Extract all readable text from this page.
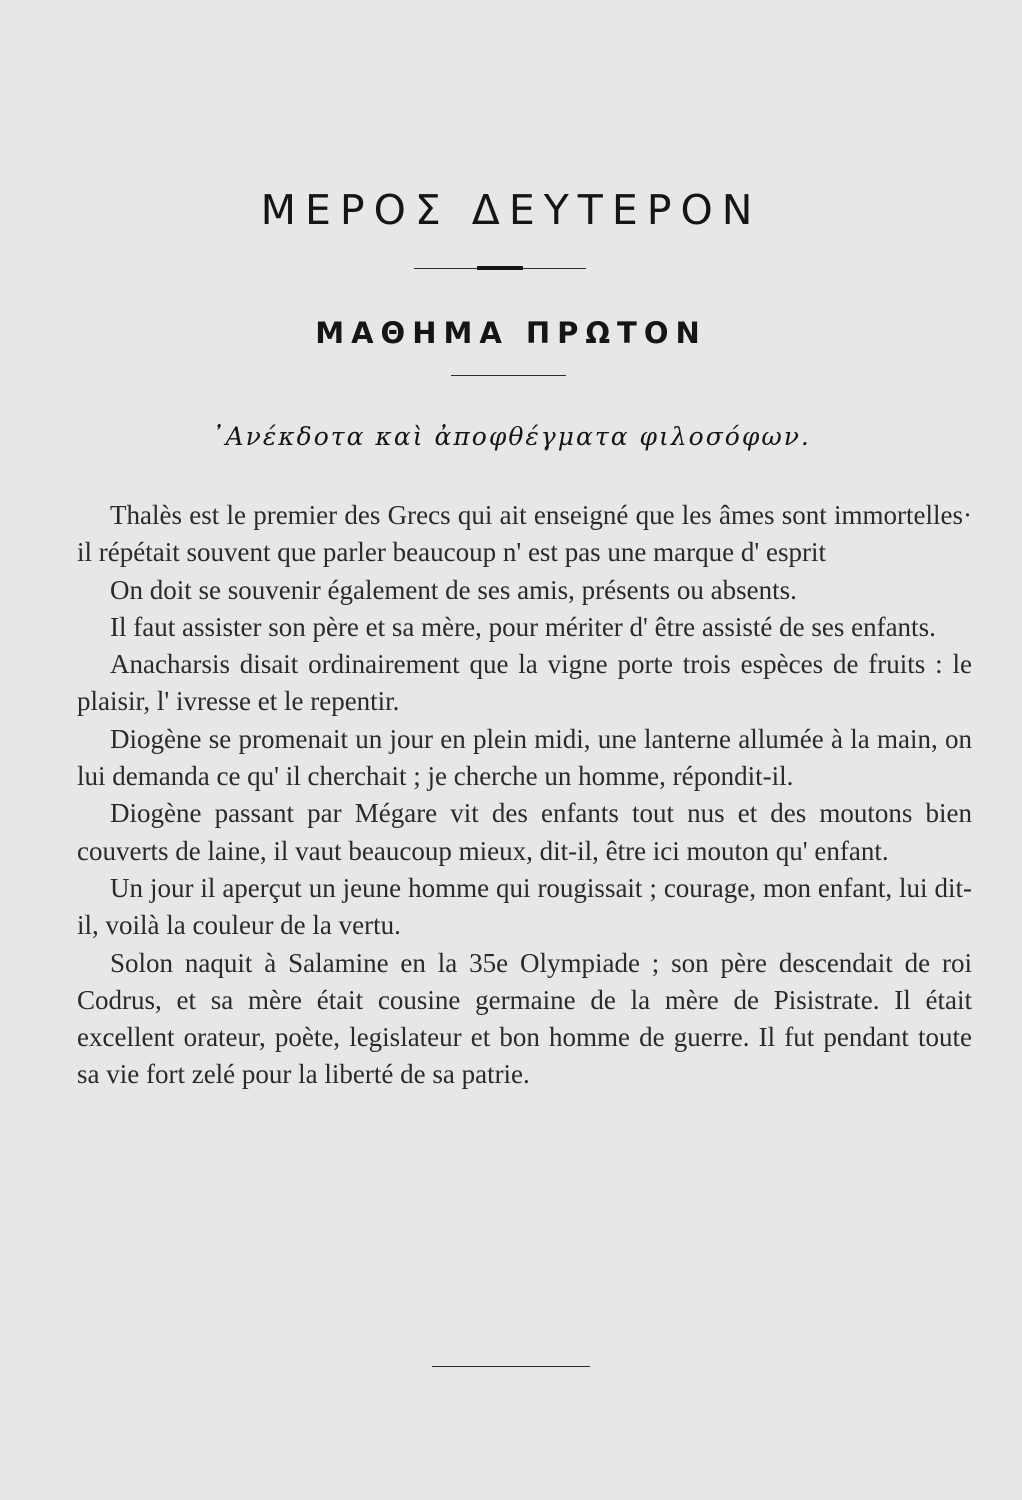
ΜΕΡΟΣ ΔΕΥΤΕΡΟΝ
ΜΑΘΗΜΑ ΠΡΩΤΟΝ
᾿Ανέκδοτα καὶ ἀποφθέγματα φιλοσόφων.

Thalès est le premier des Grecs qui ait enseigné que les âmes sont immortelles· il répétait souvent que parler beaucoup n' est pas une marque d' esprit

On doit se souvenir également de ses amis, présents ou absents.

Il faut assister son père et sa mère, pour mériter d' être assisté de ses enfants.

Anacharsis disait ordinairement que la vigne porte trois espèces de fruits : le plaisir, l' ivresse et le repentir.

Diogène se promenait un jour en plein midi, une lanterne allumée à la main, on lui demanda ce qu' il cherchait ; je cherche un homme, répondit-il.

Diogène passant par Mégare vit des enfants tout nus et des moutons bien couverts de laine, il vaut beaucoup mieux, dit-il, être ici mouton qu' enfant.

Un jour il aperçut un jeune homme qui rougissait ; courage, mon enfant, lui dit-il, voilà la couleur de la vertu.

Solon naquit à Salamine en la 35e Olympiade ; son père descendait de roi Codrus, et sa mère était cousine germaine de la mère de Pisistrate. Il était excellent orateur, poète, legislateur et bon homme de guerre. Il fut pendant toute sa vie fort zelé pour la liberté de sa patrie.
